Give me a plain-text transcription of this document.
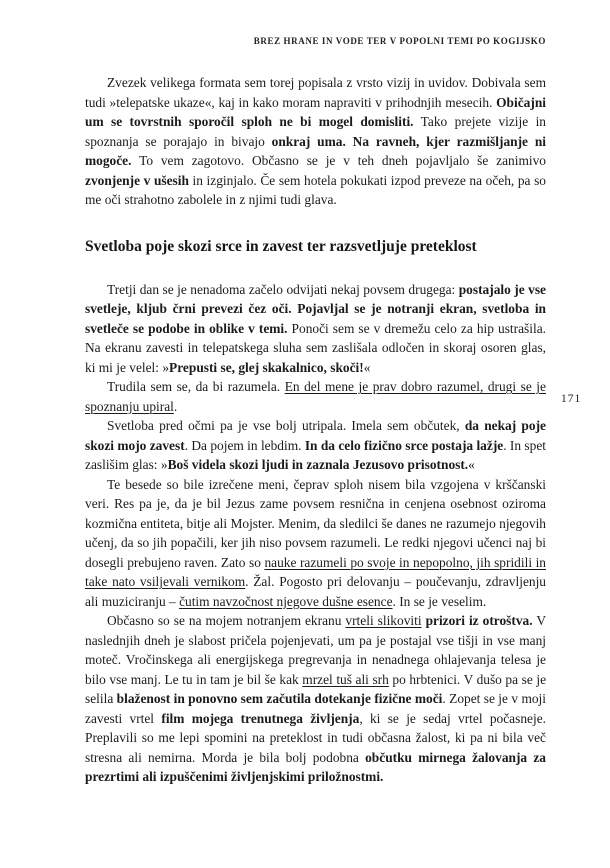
BREZ HRANE IN VODE TER V POPOLNI TEMI PO KOGIJSKO
171

Zvezek velikega formata sem torej popisala z vrsto vizij in uvidov. Dobivala sem tudi »telepatske ukaze«, kaj in kako moram napraviti v prihodnjih mesecih. Običajni um se tovrstnih sporočil sploh ne bi mogel domisliti. Tako prejete vizije in spoznanja se porajajo in bivajo onkraj uma. Na ravneh, kjer razmišljanje ni mogoče. To vem zagotovo. Občasno se je v teh dneh pojavljalo še zanimivo zvonjenje v ušesih in izginjalo. Če sem hotela pokukati izpod preveze na očeh, pa so me oči strahotno zabolele in z njimi tudi glava.

Svetloba poje skozi srce in zavest ter razsvetljuje preteklost

Tretji dan se je nenadoma začelo odvijati nekaj povsem drugega: postajalo je vse svetleje, kljub črni prevezi čez oči. Pojavljal se je notranji ekran, svetloba in svetleče se podobe in oblike v temi. Ponoči sem se v dremežu celo za hip ustrašila. Na ekranu zavesti in telepatskega sluha sem zaslišala odločen in skoraj osoren glas, ki mi je velel: »Prepusti se, glej skakalnico, skoči!«

Trudila sem se, da bi razumela. En del mene je prav dobro razumel, drugi se je spoznanju upiral.

Svetloba pred očmi pa je vse bolj utripala. Imela sem občutek, da nekaj poje skozi mojo zavest. Da pojem in lebdim. In da celo fizično srce postaja lažje. In spet zaslišim glas: »Boš videla skozi ljudi in zaznala Jezusovo prisotnost.«

Te besede so bile izrečene meni, čeprav sploh nisem bila vzgojena v krščanski veri. Res pa je, da je bil Jezus zame povsem resnična in cenjena osebnost oziroma kozmična entiteta, bitje ali Mojster. Menim, da sledilci še danes ne razumejo njegovih učenj, da so jih popačili, ker jih niso povsem razumeli. Le redki njegovi učenci naj bi dosegli prebujeno raven. Zato so nauke razumeli po svoje in nepopolno, jih spridili in take nato vsiljevali vernikom. Žal. Pogosto pri delovanju – poučevanju, zdravljenju ali muziciranju – čutim navzočnost njegove dušne esence. In se je veselim.

Občasno so se na mojem notranjem ekranu vrteli slikoviti prizori iz otroštva. V naslednjih dneh je slabost pričela pojenjevati, um pa je postajal vse tišji in vse manj moteč. Vročinskega ali energijskega pregrevanja in nenadnega ohlajevanja telesa je bilo vse manj. Le tu in tam je bil še kak mrzel tuš ali srh po hrbtenici. V dušo pa se je selila blaženost in ponovno sem začutila dotekanje fizične moči. Zopet se je v moji zavesti vrtel film mojega trenutnega življenja, ki se je sedaj vrtel počasneje. Preplavili so me lepi spomini na preteklost in tudi občasna žalost, ki pa ni bila več stresna ali nemirna. Morda je bila bolj podobna občutku mirnega žalovanja za prezrtimi ali izpuščenimi življenjskimi priložnostmi.
